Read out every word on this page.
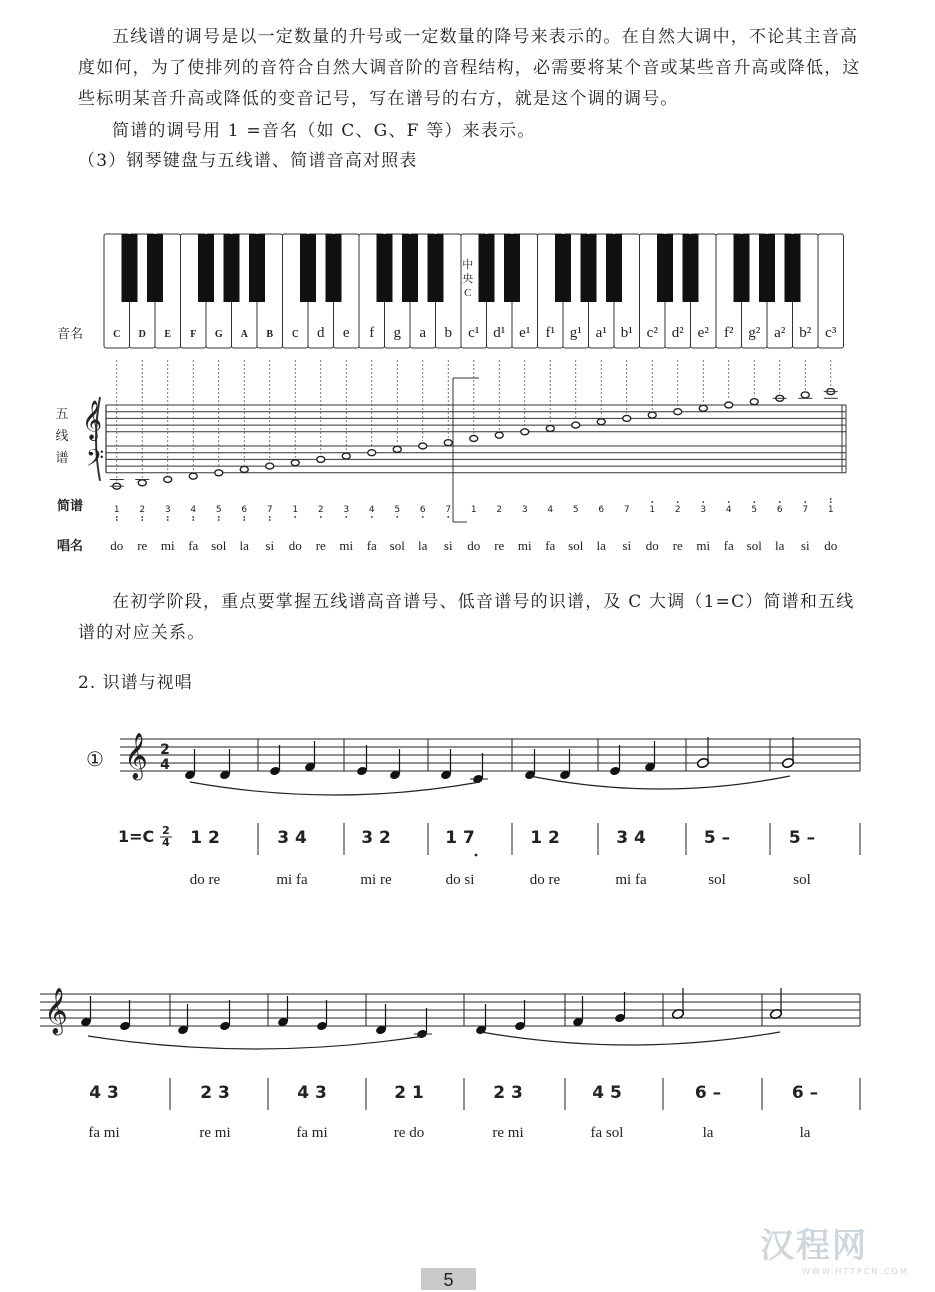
五线谱的调号是以一定数量的升号或一定数量的降号来表示的。在自然大调中，不论其主音高度如何，为了使排列的音符合自然大调音阶的音程结构，必需要将某个音或某些音升高或降低，这些标明某音升高或降低的变音记号，写在谱号的右方，就是这个调的调号。

简谱的调号用 1 =音名（如 C、G、F 等）来表示。

（3）钢琴键盘与五线谱、简谱音高对照表

中
央
C
C D E F G A B c d e f g a b c¹ d¹ e¹ f¹ g¹ a¹ b¹ c² d² e² f² g² a² b² c³
音名
𝄞
𝄢
五
线
谱
简谱	1 2 3 4 5 6 7 1 2 3 4 5 6 7 1 2 3 4 5 6 7 1 2 3 4 5 6 7 1
唱名 do re mi fa sol la si do re mi fa sol la si do re mi fa sol la si do re mi fa sol la si do
𝄞
①	2
4
1=C 2
4 1 2	3 4	3 2	1 7	1 2	3 4	5 –	5 –
do re	mi fa	mi re	do si	do re	mi fa	sol	sol
𝄞
4 3	2 3	4 3	2 1	2 3	4 5	6 –	6 –
fa mi	re mi	fa mi	re do	re mi	fa sol	la	la

在初学阶段，重点要掌握五线谱高音谱号、低音谱号的识谱，及 C 大调（1=C）简谱和五线谱的对应关系。

2. 识谱与视唱
5
汉程网
WWW.HTTPCN.COM
